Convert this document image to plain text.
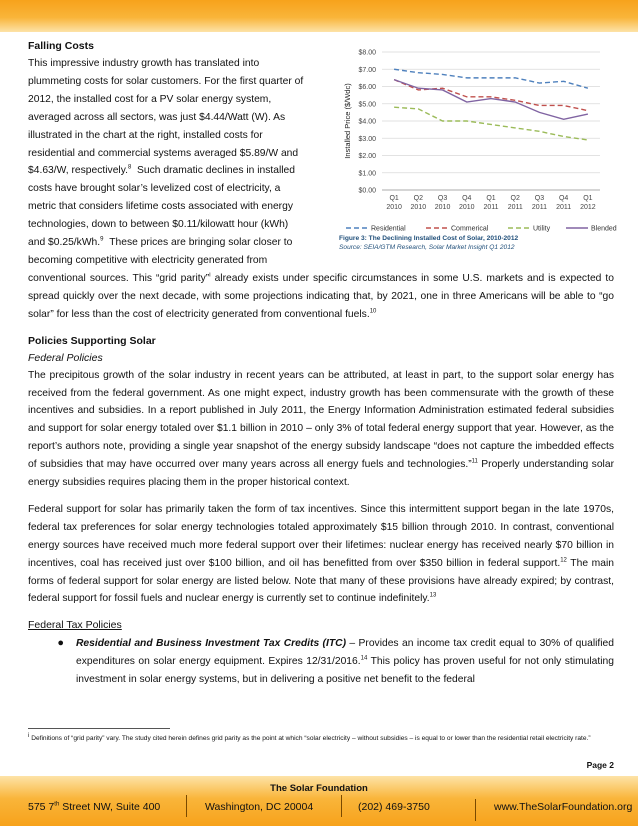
Falling Costs

This impressive industry growth has translated into

plummeting costs for solar customers. For the first quarter of

2012, the installed cost for a PV solar energy system,

averaged across all sectors, was just $4.44/Watt (W). As

illustrated in the chart at the right, installed costs for

residential and commercial systems averaged $5.89/W and

$4.63/W, respectively.$^8$ Such dramatic declines in installed

costs have brought solar’s levelized cost of electricity, a

metric that considers lifetime costs associated with energy

technologies, down to between $0.11/kilowatt hour (kWh)

and $0.25/kWh.$^9$ These prices are bringing solar closer to

becoming competitive with electricity generated from

conventional sources. This “grid parity”$^i$ already exists under specific circumstances in some U.S. markets and is expected to spread quickly over the next decade, with some projections indicating that, by 2021, one in three Americans will be able to “go solar” for less than the cost of electricity generated from conventional fuels.$^{10}$

Policies Supporting Solar

Federal Policies

The precipitous growth of the solar industry in recent years can be attributed, at least in part, to the support solar energy has received from the federal government. As one might expect, industry growth has been commensurate with the growth of these incentives and subsidies. In a report published in July 2011, the Energy Information Administration estimated federal subsidies and support for solar energy totaled over $1.1 billion in 2010 – only 3% of total federal energy support that year. However, as the report’s authors note, providing a single year snapshot of the energy subsidy landscape “does not capture the imbedded effects of subsidies that may have occurred over many years across all energy fuels and technologies.”$^{11}$ Properly understanding solar energy subsidies requires placing them in the proper historical context.

Federal support for solar has primarily taken the form of tax incentives. Since this intermittent support began in the late 1970s, federal tax preferences for solar energy technologies totaled approximately $15 billion through 2010. In contrast, conventional energy sources have received much more federal support over their lifetimes: nuclear energy has received nearly $70 billion in incentives, coal has received just over $100 billion, and oil has benefitted from over $350 billion in federal support.$^{12}$ The main forms of federal support for solar energy are listed below. Note that many of these provisions have already expired; by contrast, federal support for fossil fuels and nuclear energy is currently set to continue indefinitely.$^{13}$

Federal Tax Policies

●	Residential and Business Investment Tax Credits (ITC) – Provides an income tax credit equal to 30% of qualified expenditures on solar energy equipment. Expires 12/31/2016.14 This policy has proven useful for not only stimulating investment in solar energy systems, but in delivering a positive net benefit to the federal
$0.00
$1.00
$2.00
$3.00
$4.00
$5.00
$6.00
$7.00
$8.00
Q1
2010
Q2
2010
Q3
2010
Q4
2010
Q1
2011
Q2
2011
Q3
2011
Q4
2011
Q1
2012
Installed Price ($/Wdc)
Residential	Commerical	Utility	Blended
Figure 3: The Declining Installed Cost of Solar, 2010-2012
Source: SEIA/GTM Research, Solar Market Insight Q1 2012
$^i$ Definitions of “grid parity” vary. The study cited herein defines grid parity as the point at which “solar electricity – without subsidies – is equal to or lower than the residential retail electricity rate.”
Page 2
The Solar Foundation
575 7th Street NW, Suite 400	Washington, DC 20004	(202) 469-3750	www.TheSolarFoundation.org
